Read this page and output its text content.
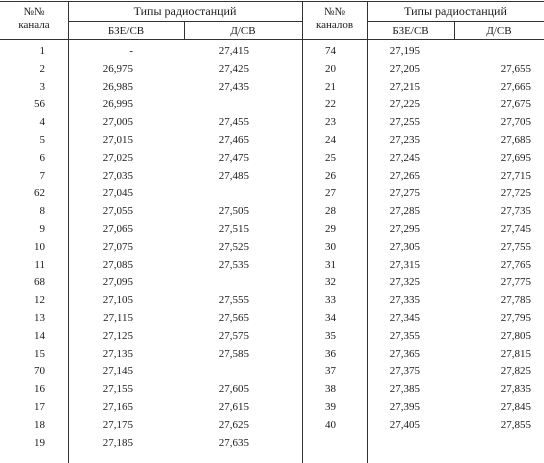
№№
канала
Типы радиостанций
БЗЕ/СВ	Д/СВ
№№
каналов
Типы радиостанций
БЗЕ/СВ	Д/СВ
1	-	27,415
2	26,975	27,425
3	26,985	27,435
56	26,995
4	27,005	27,455
5	27,015	27,465
6	27,025	27,475
7	27,035	27,485
62	27,045
8	27,055	27,505
9	27,065	27,515
10	27,075	27,525
11	27,085	27,535
68	27,095
12	27,105	27,555
13	27,115	27,565
14	27,125	27,575
15	27,135	27,585
70	27,145
16	27,155	27,605
17	27,165	27,615
18	27,175	27,625
19	27,185	27,635
74	27,195
20	27,205	27,655
21	27,215	27,665
22	27,225	27,675
23	27,255	27,705
24	27,235	27,685
25	27,245	27,695
26	27,265	27,715
27	27,275	27,725
28	27,285	27,735
29	27,295	27,745
30	27,305	27,755
31	27,315	27,765
32	27,325	27,775
33	27,335	27,785
34	27,345	27,795
35	27,355	27,805
36	27,365	27,815
37	27,375	27,825
38	27,385	27,835
39	27,395	27,845
40	27,405	27,855
